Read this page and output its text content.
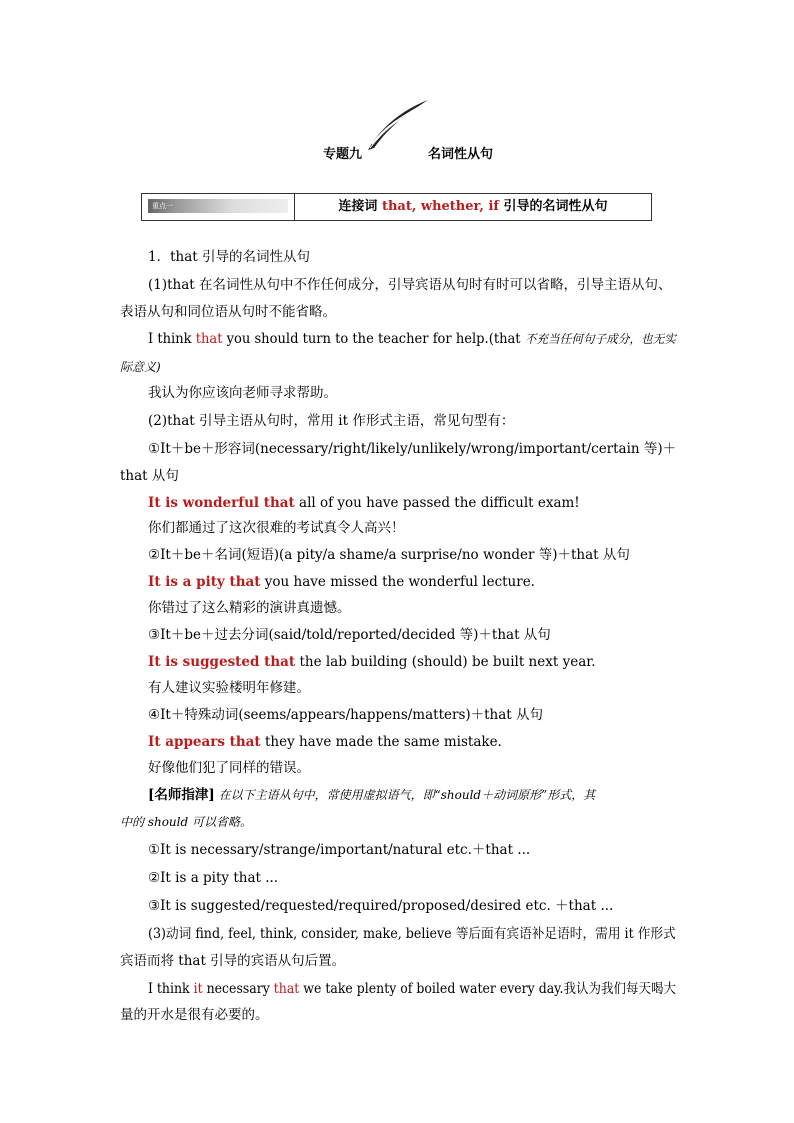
专题九	名词性从句
重点一	连接词 that, whether, if 引导的名词性从句
1．that 引导的名词性从句
(1)that 在名词性从句中不作任何成分，引导宾语从句时有时可以省略，引导主语从句、
表语从句和同位语从句时不能省略。
I think that you should turn to the teacher for help.(that 不充当任何句子成分，也无实
际意义)
我认为你应该向老师寻求帮助。
(2)that 引导主语从句时，常用 it 作形式主语，常见句型有：
①It＋be＋形容词(necessary/right/likely/unlikely/wrong/important/certain 等)＋
that 从句
It is wonderful that all of you have passed the difficult exam!
你们都通过了这次很难的考试真令人高兴！
②It＋be＋名词(短语)(a pity/a shame/a surprise/no wonder 等)＋that 从句
It is a pity that you have missed the wonderful lecture.
你错过了这么精彩的演讲真遗憾。
③It＋be＋过去分词(said/told/reported/decided 等)＋that 从句
It is suggested that the lab building (should) be built next year.
有人建议实验楼明年修建。
④It＋特殊动词(seems/appears/happens/matters)＋that 从句
It appears that they have made the same mistake.
好像他们犯了同样的错误。
[名师指津] 在以下主语从句中，常使用虚拟语气，即“should＋动词原形”形式，其
中的 should 可以省略。
①It is necessary/strange/important/natural etc.＋that ...
②It is a pity that ...
③It is suggested/requested/required/proposed/desired etc. ＋that ...
(3)动词 find, feel, think, consider, make, believe 等后面有宾语补足语时，需用 it 作形式
宾语而将 that 引导的宾语从句后置。
I think it necessary that we take plenty of boiled water every day.我认为我们每天喝大
量的开水是很有必要的。
